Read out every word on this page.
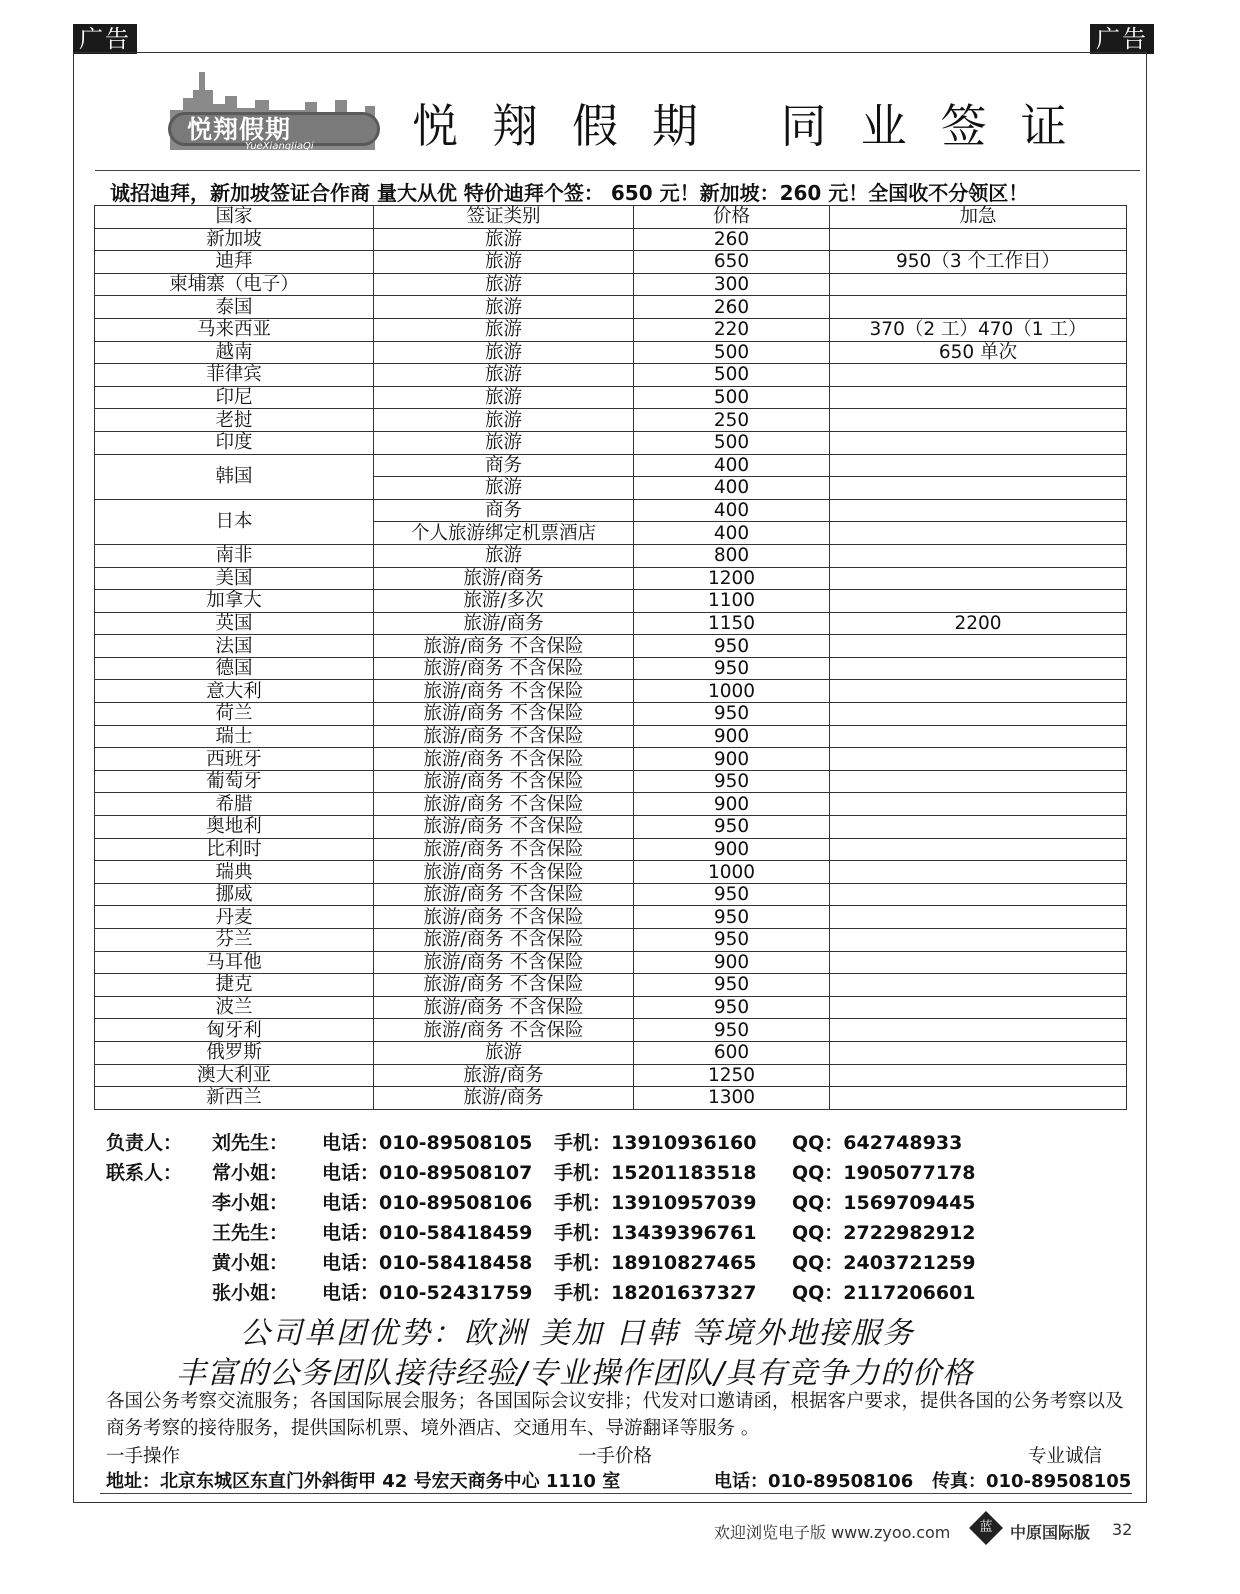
广告	广告
悦翔假期
YueXiangJiaQi 悦翔假期 同业签证
诚招迪拜，新加坡签证合作商 量大从优 特价迪拜个签： 650 元！新加坡：260 元！全国收不分领区！
国家	签证类别	价格	加急
新加坡	旅游	260	
迪拜	旅游	650	950（3 个工作日）
柬埔寨（电子）	旅游	300	
泰国	旅游	260	
马来西亚	旅游	220	370（2 工）470（1 工）
越南	旅游	500	650 单次
菲律宾	旅游	500	
印尼	旅游	500	
老挝	旅游	250	
印度	旅游	500	
韩国	商务	400	
	旅游	400	
日本	商务	400	
	个人旅游绑定机票酒店	400	
南非	旅游	800	
美国	旅游/商务	1200	
加拿大	旅游/多次	1100	
英国	旅游/商务	1150	2200
法国	旅游/商务 不含保险	950	
德国	旅游/商务 不含保险	950	
意大利	旅游/商务 不含保险	1000	
荷兰	旅游/商务 不含保险	950	
瑞士	旅游/商务 不含保险	900	
西班牙	旅游/商务 不含保险	900	
葡萄牙	旅游/商务 不含保险	950	
希腊	旅游/商务 不含保险	900	
奥地利	旅游/商务 不含保险	950	
比利时	旅游/商务 不含保险	900	
瑞典	旅游/商务 不含保险	1000	
挪威	旅游/商务 不含保险	950	
丹麦	旅游/商务 不含保险	950	
芬兰	旅游/商务 不含保险	950	
马耳他	旅游/商务 不含保险	900	
捷克	旅游/商务 不含保险	950	
波兰	旅游/商务 不含保险	950	
匈牙利	旅游/商务 不含保险	950	
俄罗斯	旅游	600	
澳大利亚	旅游/商务	1250	
新西兰	旅游/商务	1300	
负责人： 刘先生： 电话：010-89508105 手机：13910936160 QQ：642748933
联系人： 常小姐： 电话：010-89508107 手机：15201183518 QQ：1905077178
李小姐： 电话：010-89508106 手机：13910957039 QQ：1569709445
王先生： 电话：010-58418459 手机：13439396761 QQ：2722982912
黄小姐： 电话：010-58418458 手机：18910827465 QQ：2403721259
张小姐： 电话：010-52431759 手机：18201637327 QQ：2117206601
公司单团优势：欧洲 美加 日韩 等境外地接服务
丰富的公务团队接待经验/专业操作团队/具有竞争力的价格
各国公务考察交流服务；各国国际展会服务；各国国际会议安排；代发对口邀请函，根据客户要求，提供各国的公务考察以及商务考察的接待服务，提供国际机票、境外酒店、交通用车、导游翻译等服务 。
一手操作	一手价格	专业诚信
地址：北京东城区东直门外斜街甲 42 号宏天商务中心 1110 室	电话：010-89508106 传真：010-89508105
欢迎浏览电子版 www.zyoo.com	蓝	中原国际版 32
